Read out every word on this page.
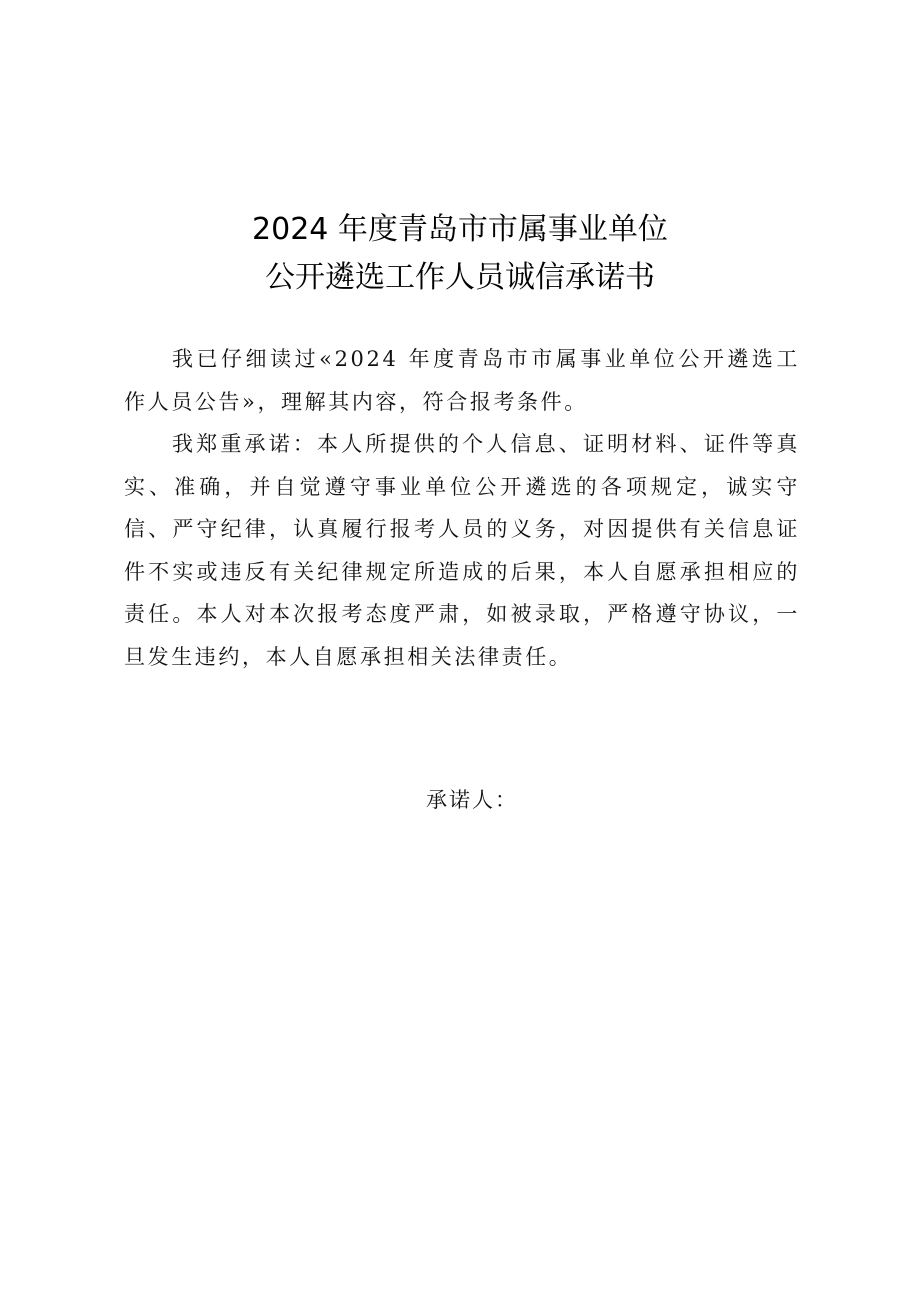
2024 年度青岛市市属事业单位
公开遴选工作人员诚信承诺书
我已仔细读过«2024 年度青岛市市属事业单位公开遴选工作人员公告»，理解其内容，符合报考条件。
我郑重承诺：本人所提供的个人信息、证明材料、证件等真实、准确，并自觉遵守事业单位公开遴选的各项规定，诚实守信、严守纪律，认真履行报考人员的义务，对因提供有关信息证件不实或违反有关纪律规定所造成的后果，本人自愿承担相应的责任。本人对本次报考态度严肃，如被录取，严格遵守协议，一旦发生违约，本人自愿承担相关法律责任。
承诺人：
